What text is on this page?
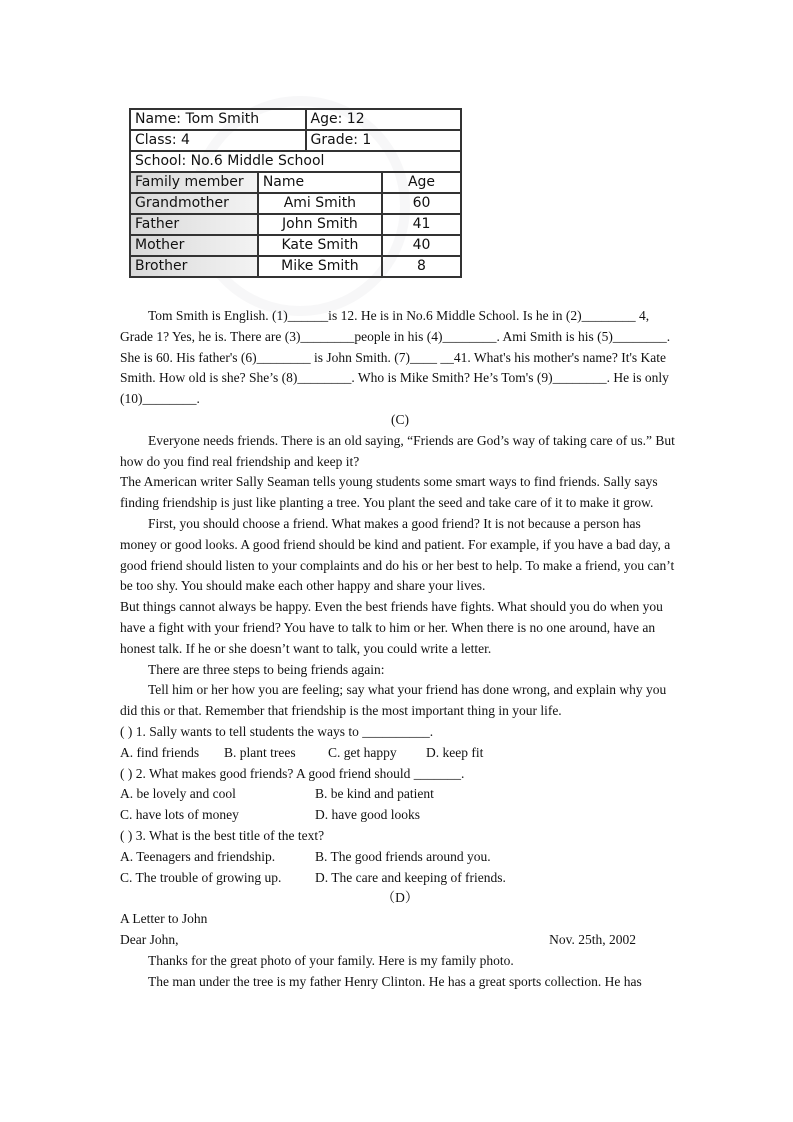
Name: Tom Smith		Age: 12	
Class: 4		Grade: 1	
School: No.6 Middle School			
Family member	Name		Age
Grandmother	Ami Smith		60
Father	John Smith		41
Mother	Kate Smith		40
Brother	Mike Smith		8

Tom Smith is English. (1)______is 12. He is in No.6 Middle School. Is he in (2)________ 4, Grade 1? Yes, he is. There are (3)________people in his (4)________. Ami Smith is his (5)________. She is 60. His father's (6)________ is John Smith. (7)____ __41. What's his mother's name? It's Kate Smith. How old is she? She’s (8)________. Who is Mike Smith? He’s Tom's (9)________. He is only (10)________.

(C)

Everyone needs friends. There is an old saying, “Friends are God’s way of taking care of us.” But how do you find real friendship and keep it?

The American writer Sally Seaman tells young students some smart ways to find friends. Sally says finding friendship is just like planting a tree. You plant the seed and take care of it to make it grow.

First, you should choose a friend. What makes a good friend? It is not because a person has money or good looks. A good friend should be kind and patient. For example, if you have a bad day, a good friend should listen to your complaints and do his or her best to help. To make a friend, you can’t be too shy. You should make each other happy and share your lives.

But things cannot always be happy. Even the best friends have fights. What should you do when you have a fight with your friend? You have to talk to him or her. When there is no one around, have an honest talk. If he or she doesn’t want to talk, you could write a letter.

There are three steps to being friends again:

Tell him or her how you are feeling; say what your friend has done wrong, and explain why you did this or that. Remember that friendship is the most important thing in your life.

( ) 1. Sally wants to tell students the ways to __________.

A. find friends	B. plant trees	C. get happy	D. keep fit

( ) 2. What makes good friends? A good friend should _______.

A. be lovely and cool	B. be kind and patient
C. have lots of money	D. have good looks

( ) 3. What is the best title of the text?

A. Teenagers and friendship.	B. The good friends around you.
C. The trouble of growing up.	D. The care and keeping of friends.

（D）

A Letter to John

Dear John,	Nov. 25th, 2002

Thanks for the great photo of your family. Here is my family photo.

The man under the tree is my father Henry Clinton. He has a great sports collection. He has
